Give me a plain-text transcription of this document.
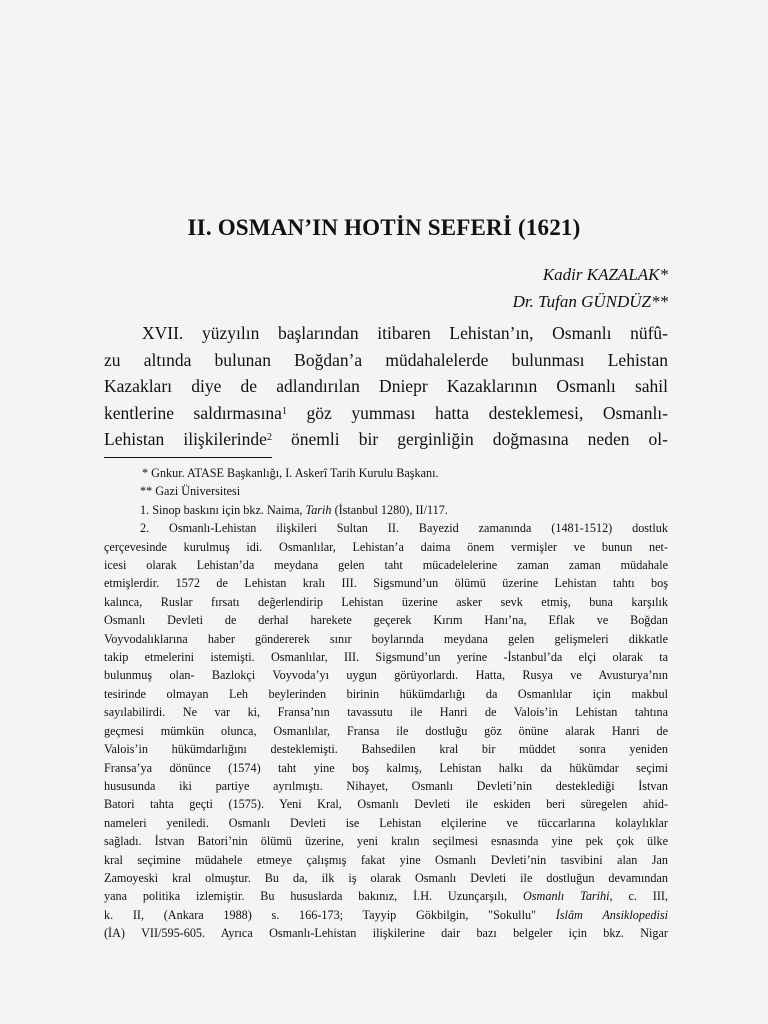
II. OSMAN’IN HOTİN SEFERİ (1621)
Kadir KAZALAK*
Dr. Tufan GÜNDÜZ**
XVII. yüzyılın başlarından itibaren Lehistan’ın, Osmanlı nüfû-
zu altında bulunan Boğdan’a müdahalelerde bulunması Lehistan
Kazakları diye de adlandırılan Dniepr Kazaklarının Osmanlı sahil
kentlerine saldırmasına$^1$ göz yumması hatta desteklemesi, Osmanlı-
Lehistan ilişkilerinde$^2$ önemli bir gerginliğin doğmasına neden ol-
* Gnkur. ATASE Başkanlığı, I. Askerî Tarih Kurulu Başkanı.
** Gazi Üniversitesi
1. Sinop baskını için bkz. Naima, Tarih (İstanbul 1280), II/117.
2. Osmanlı-Lehistan ilişkileri Sultan II. Bayezid zamanında (1481-1512) dostluk
çerçevesinde kurulmuş idi. Osmanlılar, Lehistan’a daima önem vermişler ve bunun net-
icesi olarak Lehistan’da meydana gelen taht mücadelelerine zaman zaman müdahale
etmişlerdir. 1572 de Lehistan kralı III. Sigsmund’un ölümü üzerine Lehistan tahtı boş
kalınca, Ruslar fırsatı değerlendirip Lehistan üzerine asker sevk etmiş, buna karşılık
Osmanlı Devleti de derhal harekete geçerek Kırım Hanı’na, Eflak ve Boğdan
Voyvodalıklarına haber göndererek sınır boylarında meydana gelen gelişmeleri dikkatle
takip etmelerini istemişti. Osmanlılar, III. Sigsmund’un yerine -İstanbul’da elçi olarak ta
bulunmuş olan- Bazlokçi Voyvoda’yı uygun görüyorlardı. Hatta, Rusya ve Avusturya’nın
tesirinde olmayan Leh beylerinden birinin hükümdarlığı da Osmanlılar için makbul
sayılabilirdi. Ne var ki, Fransa’nın tavassutu ile Hanri de Valois’in Lehistan tahtına
geçmesi mümkün olunca, Osmanlılar, Fransa ile dostluğu göz önüne alarak Hanri de
Valois’in hükümdarlığını desteklemişti. Bahsedilen kral bir müddet sonra yeniden
Fransa’ya dönünce (1574) taht yine boş kalmış, Lehistan halkı da hükümdar seçimi
hususunda iki partiye ayrılmıştı. Nihayet, Osmanlı Devleti’nin desteklediği İstvan
Batori tahta geçti (1575). Yeni Kral, Osmanlı Devleti ile eskiden beri süregelen ahid-
nameleri yeniledi. Osmanlı Devleti ise Lehistan elçilerine ve tüccarlarına kolaylıklar
sağladı. İstvan Batori’nin ölümü üzerine, yeni kralın seçilmesi esnasında yine pek çok ülke
kral seçimine müdahele etmeye çalışmış fakat yine Osmanlı Devleti’nin tasvibini alan Jan
Zamoyeski kral olmuştur. Bu da, ilk iş olarak Osmanlı Devleti ile dostluğun devamından
yana politika izlemiştir. Bu hususlarda bakınız, İ.H. Uzunçarşılı, Osmanlı Tarihi, c. III,
k. II, (Ankara 1988) s. 166-173; Tayyip Gökbilgin, "Sokullu" İslâm Ansiklopedisi
(İA) VII/595-605. Ayrıca Osmanlı-Lehistan ilişkilerine dair bazı belgeler için bkz. Nigar
